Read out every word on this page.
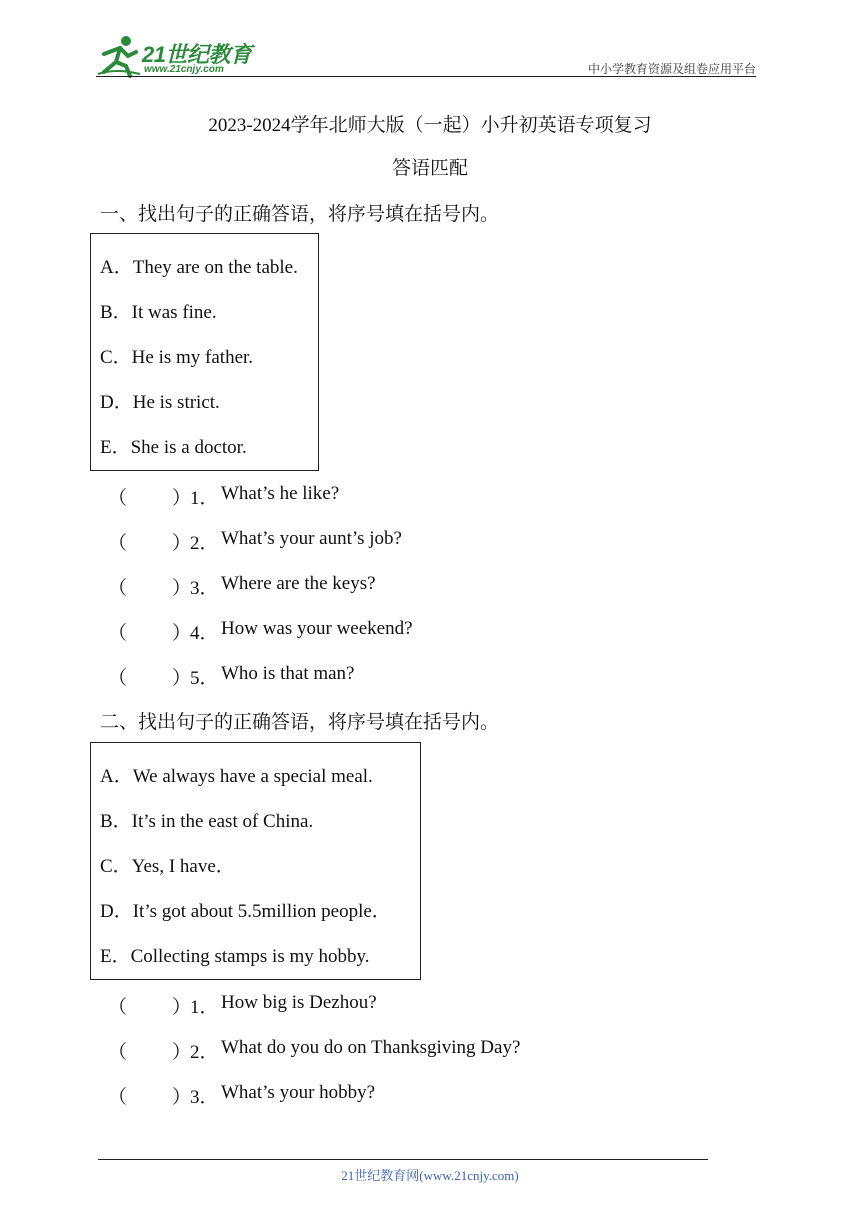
21世纪教育
www.21cnjy.com	中小学教育资源及组卷应用平台
2023-2024学年北师大版（一起）小升初英语专项复习
答语匹配
一、找出句子的正确答语，将序号填在括号内。
A．They are on the table.
B．It was fine.
C．He is my father.
D．He is strict.
E．She is a doctor.
（ ）
1． What’s he like?
（ ）
2． What’s your aunt’s job?
（ ）
3． Where are the keys?
（ ）
4． How was your weekend?
（ ）
5． Who is that man?
二、找出句子的正确答语，将序号填在括号内。
A．We always have a special meal.
B．It’s in the east of China.
C．Yes, I have．
D．It’s got about 5.5million people．
E．Collecting stamps is my hobby.
（ ）
1． How big is Dezhou?
（ ）
2． What do you do on Thanksgiving Day?
（ ）
3． What’s your hobby?
21世纪教育网(www.21cnjy.com)
